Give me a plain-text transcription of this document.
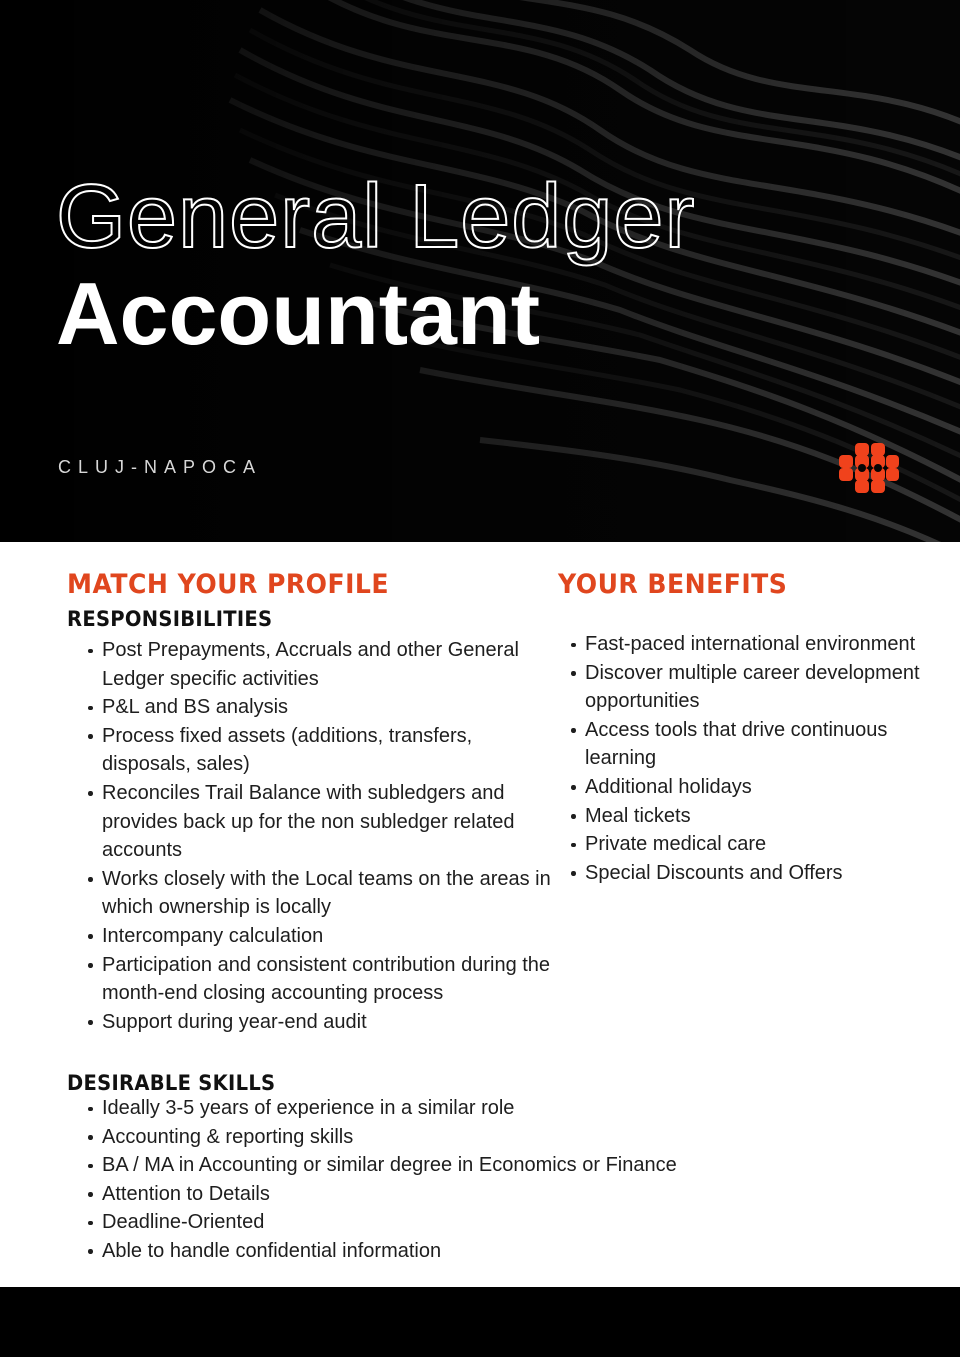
General Ledger
Accountant
CLUJ-NAPOCA
MATCH YOUR PROFILE
RESPONSIBILITIES
Post Prepayments, Accruals and other General Ledger specific activities
P&L and BS analysis
Process fixed assets (additions, transfers, disposals, sales)
Reconciles Trail Balance with subledgers and provides back up for the non subledger related accounts
Works closely with the Local teams on the areas in which ownership is locally
Intercompany calculation
Participation and consistent contribution during the month-end closing accounting process
Support during year-end audit
YOUR BENEFITS
Fast-paced international environment
Discover multiple career development opportunities
Access tools that drive continuous learning
Additional holidays
Meal tickets
Private medical care
Special Discounts and Offers
DESIRABLE SKILLS
Ideally 3-5 years of experience in a similar role
Accounting & reporting skills
BA / MA in Accounting or similar degree in Economics or Finance
Attention to Details
Deadline-Oriented
Able to handle confidential information
